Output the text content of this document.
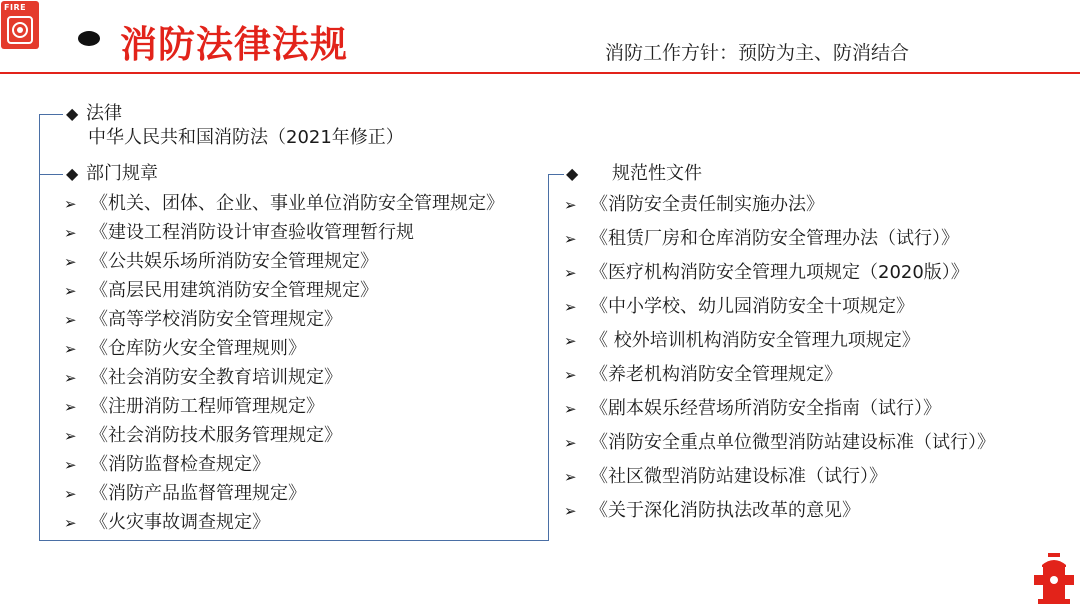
FIRE
消防法律法规	消防工作方针：预防为主、防消结合
◆ 法律
中华人民共和国消防法（2021年修正）
◆ 部门规章
➢ 《机关、团体、企业、事业单位消防安全管理规定》
➢ 《建设工程消防设计审查验收管理暂行规
➢ 《公共娱乐场所消防安全管理规定》
➢ 《高层民用建筑消防安全管理规定》
➢ 《高等学校消防安全管理规定》
➢ 《仓库防火安全管理规则》
➢ 《社会消防安全教育培训规定》
➢ 《注册消防工程师管理规定》
➢ 《社会消防技术服务管理规定》
➢ 《消防监督检查规定》
➢ 《消防产品监督管理规定》
➢ 《火灾事故调查规定》
◆ 规范性文件
➢ 《消防安全责任制实施办法》
➢ 《租赁厂房和仓库消防安全管理办法（试行）》
➢ 《医疗机构消防安全管理九项规定（2020版）》
➢ 《中小学校、幼儿园消防安全十项规定》
➢ 《 校外培训机构消防安全管理九项规定》
➢ 《养老机构消防安全管理规定》
➢ 《剧本娱乐经营场所消防安全指南（试行）》
➢ 《消防安全重点单位微型消防站建设标准（试行）》
➢ 《社区微型消防站建设标准（试行）》
➢ 《关于深化消防执法改革的意见》
